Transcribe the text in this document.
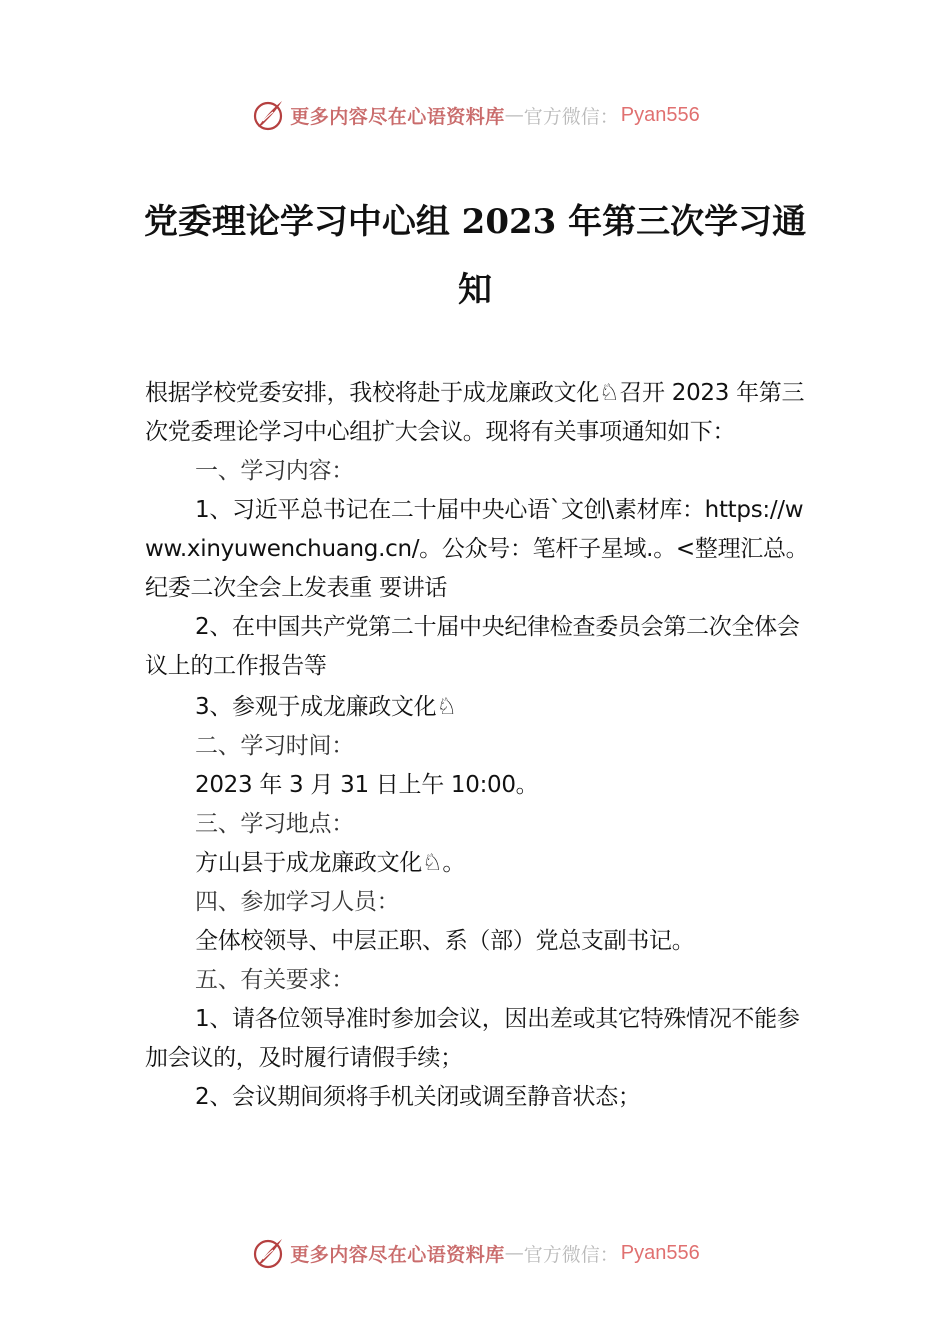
更多内容尽在心语资料库 — 官方微信： Pyan556
党委理论学习中心组 2023 年第三次学习通
知

根据学校党委安排，我校将赴于成龙廉政文化♘召开 2023 年第三次党委理论学习中心组扩大会议。现将有关事项通知如下：

一、学习内容：

1、习近平总书记在二十届中央心语`文创\素材库：https://www.xinyuwenchuang.cn/。公众号：笔杆子星域.。<整理汇总。纪委二次全会上发表重 要讲话

2、在中国共产党第二十届中央纪律检查委员会第二次全体会议上的工作报告等

3、参观于成龙廉政文化♘

二、学习时间：

2023 年 3 月 31 日上午 10:00。

三、学习地点：

方山县于成龙廉政文化♘。

四、参加学习人员：

全体校领导、中层正职、系（部）党总支副书记。

五、有关要求：

1、请各位领导准时参加会议，因出差或其它特殊情况不能参加会议的，及时履行请假手续；

2、会议期间须将手机关闭或调至静音状态；

更多内容尽在心语资料库 — 官方微信： Pyan556
